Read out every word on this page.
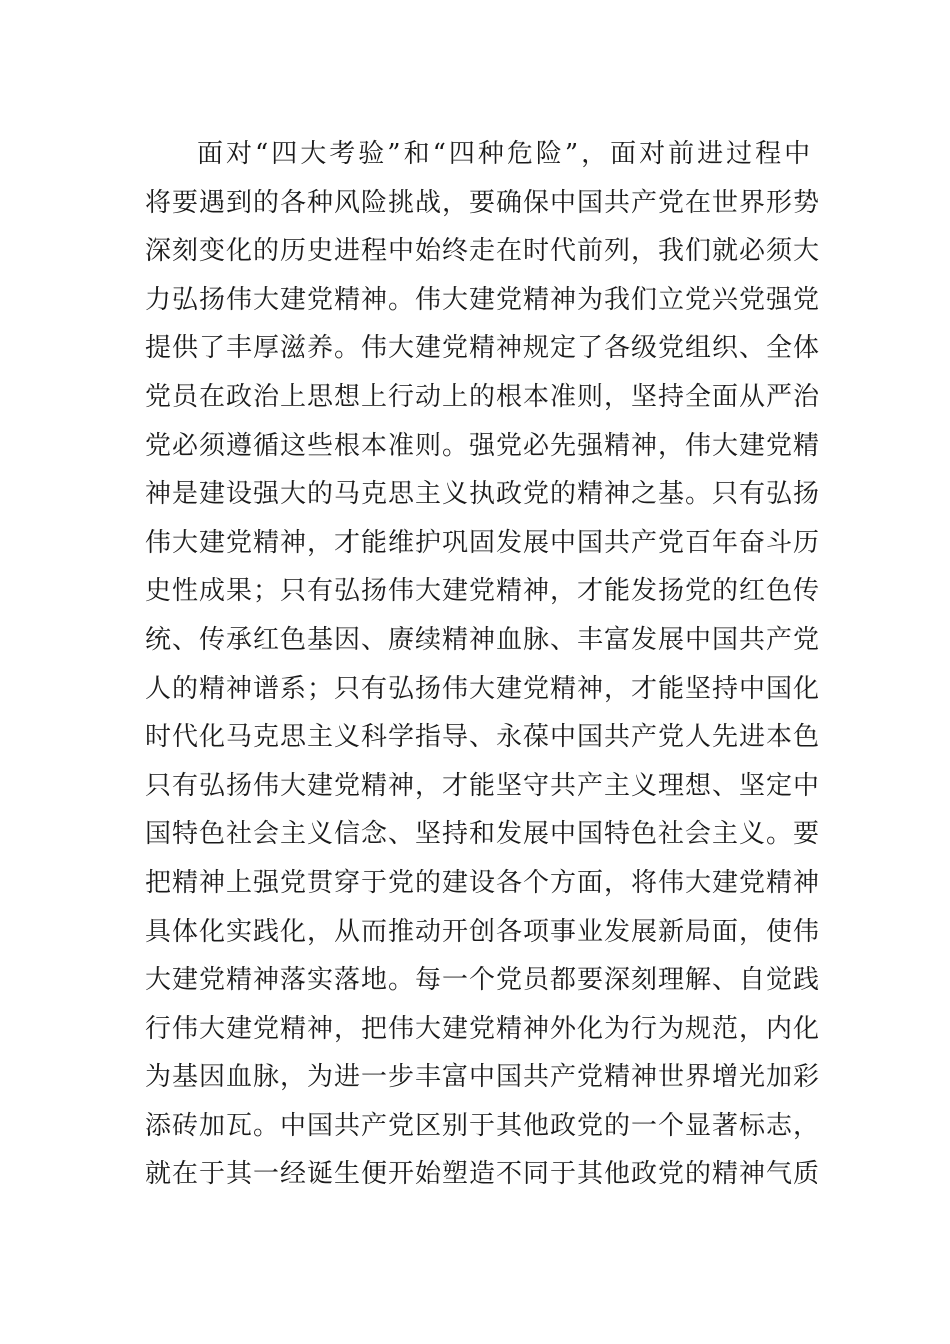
面对“四大考验”和“四种危险”，面对前进过程中
将要遇到的各种风险挑战，要确保中国共产党在世界形势
深刻变化的历史进程中始终走在时代前列，我们就必须大
力弘扬伟大建党精神。伟大建党精神为我们立党兴党强党
提供了丰厚滋养。伟大建党精神规定了各级党组织、全体
党员在政治上思想上行动上的根本准则，坚持全面从严治
党必须遵循这些根本准则。强党必先强精神，伟大建党精
神是建设强大的马克思主义执政党的精神之基。只有弘扬
伟大建党精神，才能维护巩固发展中国共产党百年奋斗历
史性成果；只有弘扬伟大建党精神，才能发扬党的红色传
统、传承红色基因、赓续精神血脉、丰富发展中国共产党
人的精神谱系；只有弘扬伟大建党精神，才能坚持中国化
时代化马克思主义科学指导、永葆中国共产党人先进本色
只有弘扬伟大建党精神，才能坚守共产主义理想、坚定中
国特色社会主义信念、坚持和发展中国特色社会主义。要
把精神上强党贯穿于党的建设各个方面，将伟大建党精神
具体化实践化，从而推动开创各项事业发展新局面，使伟
大建党精神落实落地。每一个党员都要深刻理解、自觉践
行伟大建党精神，把伟大建党精神外化为行为规范，内化
为基因血脉，为进一步丰富中国共产党精神世界增光加彩
添砖加瓦。中国共产党区别于其他政党的一个显著标志，
就在于其一经诞生便开始塑造不同于其他政党的精神气质
